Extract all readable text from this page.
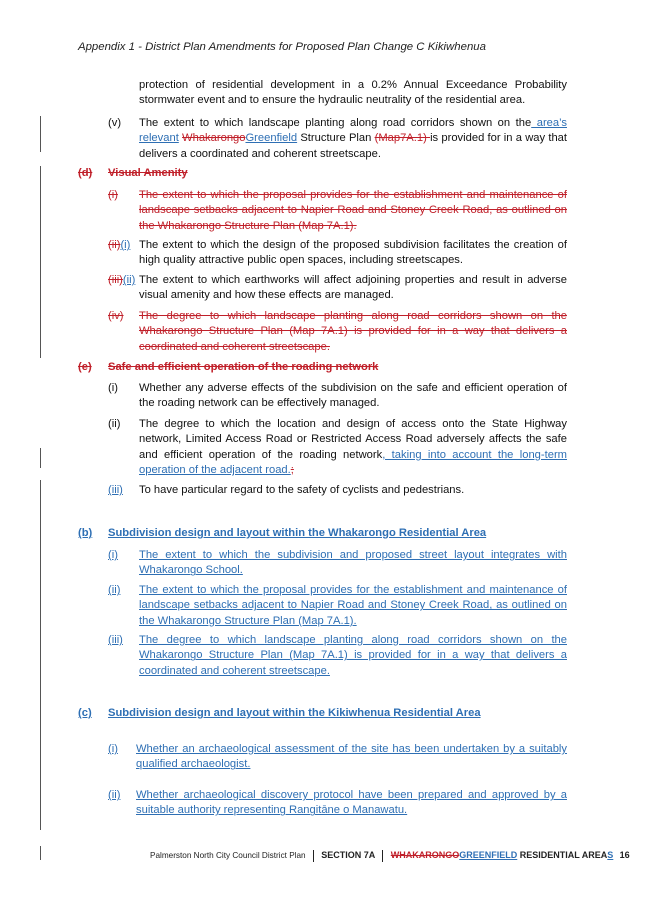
Appendix 1 - District Plan Amendments for Proposed Plan Change C Kikiwhenua
protection of residential development in a 0.2% Annual Exceedance Probability stormwater event and to ensure the hydraulic neutrality of the residential area.
(v) The extent to which landscape planting along road corridors shown on the area’s relevant WhakarongoGreenfield Structure Plan (Map7A.1) is provided for in a way that delivers a coordinated and coherent streetscape.
(d) Visual Amenity
(i) The extent to which the proposal provides for the establishment and maintenance of landscape setbacks adjacent to Napier Road and Stoney Creek Road, as outlined on the Whakarongo Structure Plan (Map 7A.1).
(ii)(i) The extent to which the design of the proposed subdivision facilitates the creation of high quality attractive public open spaces, including streetscapes.
(iii)(ii) The extent to which earthworks will affect adjoining properties and result in adverse visual amenity and how these effects are managed.
(iv) The degree to which landscape planting along road corridors shown on the Whakarongo Structure Plan (Map 7A.1) is provided for in a way that delivers a coordinated and coherent streetscape.
(e) Safe and efficient operation of the roading network
(i) Whether any adverse effects of the subdivision on the safe and efficient operation of the roading network can be effectively managed.
(ii) The degree to which the location and design of access onto the State Highway network, Limited Access Road or Restricted Access Road adversely affects the safe and efficient operation of the roading network, taking into account the long-term operation of the adjacent road.;
(iii) To have particular regard to the safety of cyclists and pedestrians.
(b) Subdivision design and layout within the Whakarongo Residential Area
(i) The extent to which the subdivision and proposed street layout integrates with Whakarongo School.
(ii) The extent to which the proposal provides for the establishment and maintenance of landscape setbacks adjacent to Napier Road and Stoney Creek Road, as outlined on the Whakarongo Structure Plan (Map 7A.1).
(iii) The degree to which landscape planting along road corridors shown on the Whakarongo Structure Plan (Map 7A.1) is provided for in a way that delivers a coordinated and coherent streetscape.
(c) Subdivision design and layout within the Kikiwhenua Residential Area
(i) Whether an archaeological assessment of the site has been undertaken by a suitably qualified archaeologist.
(ii) Whether archaeological discovery protocol have been prepared and approved by a suitable authority representing Rangitāne o Manawatu.
Palmerston North City Council District Plan SECTION 7A WHAKARONGOGREENFIELD RESIDENTIAL AREAS 16
